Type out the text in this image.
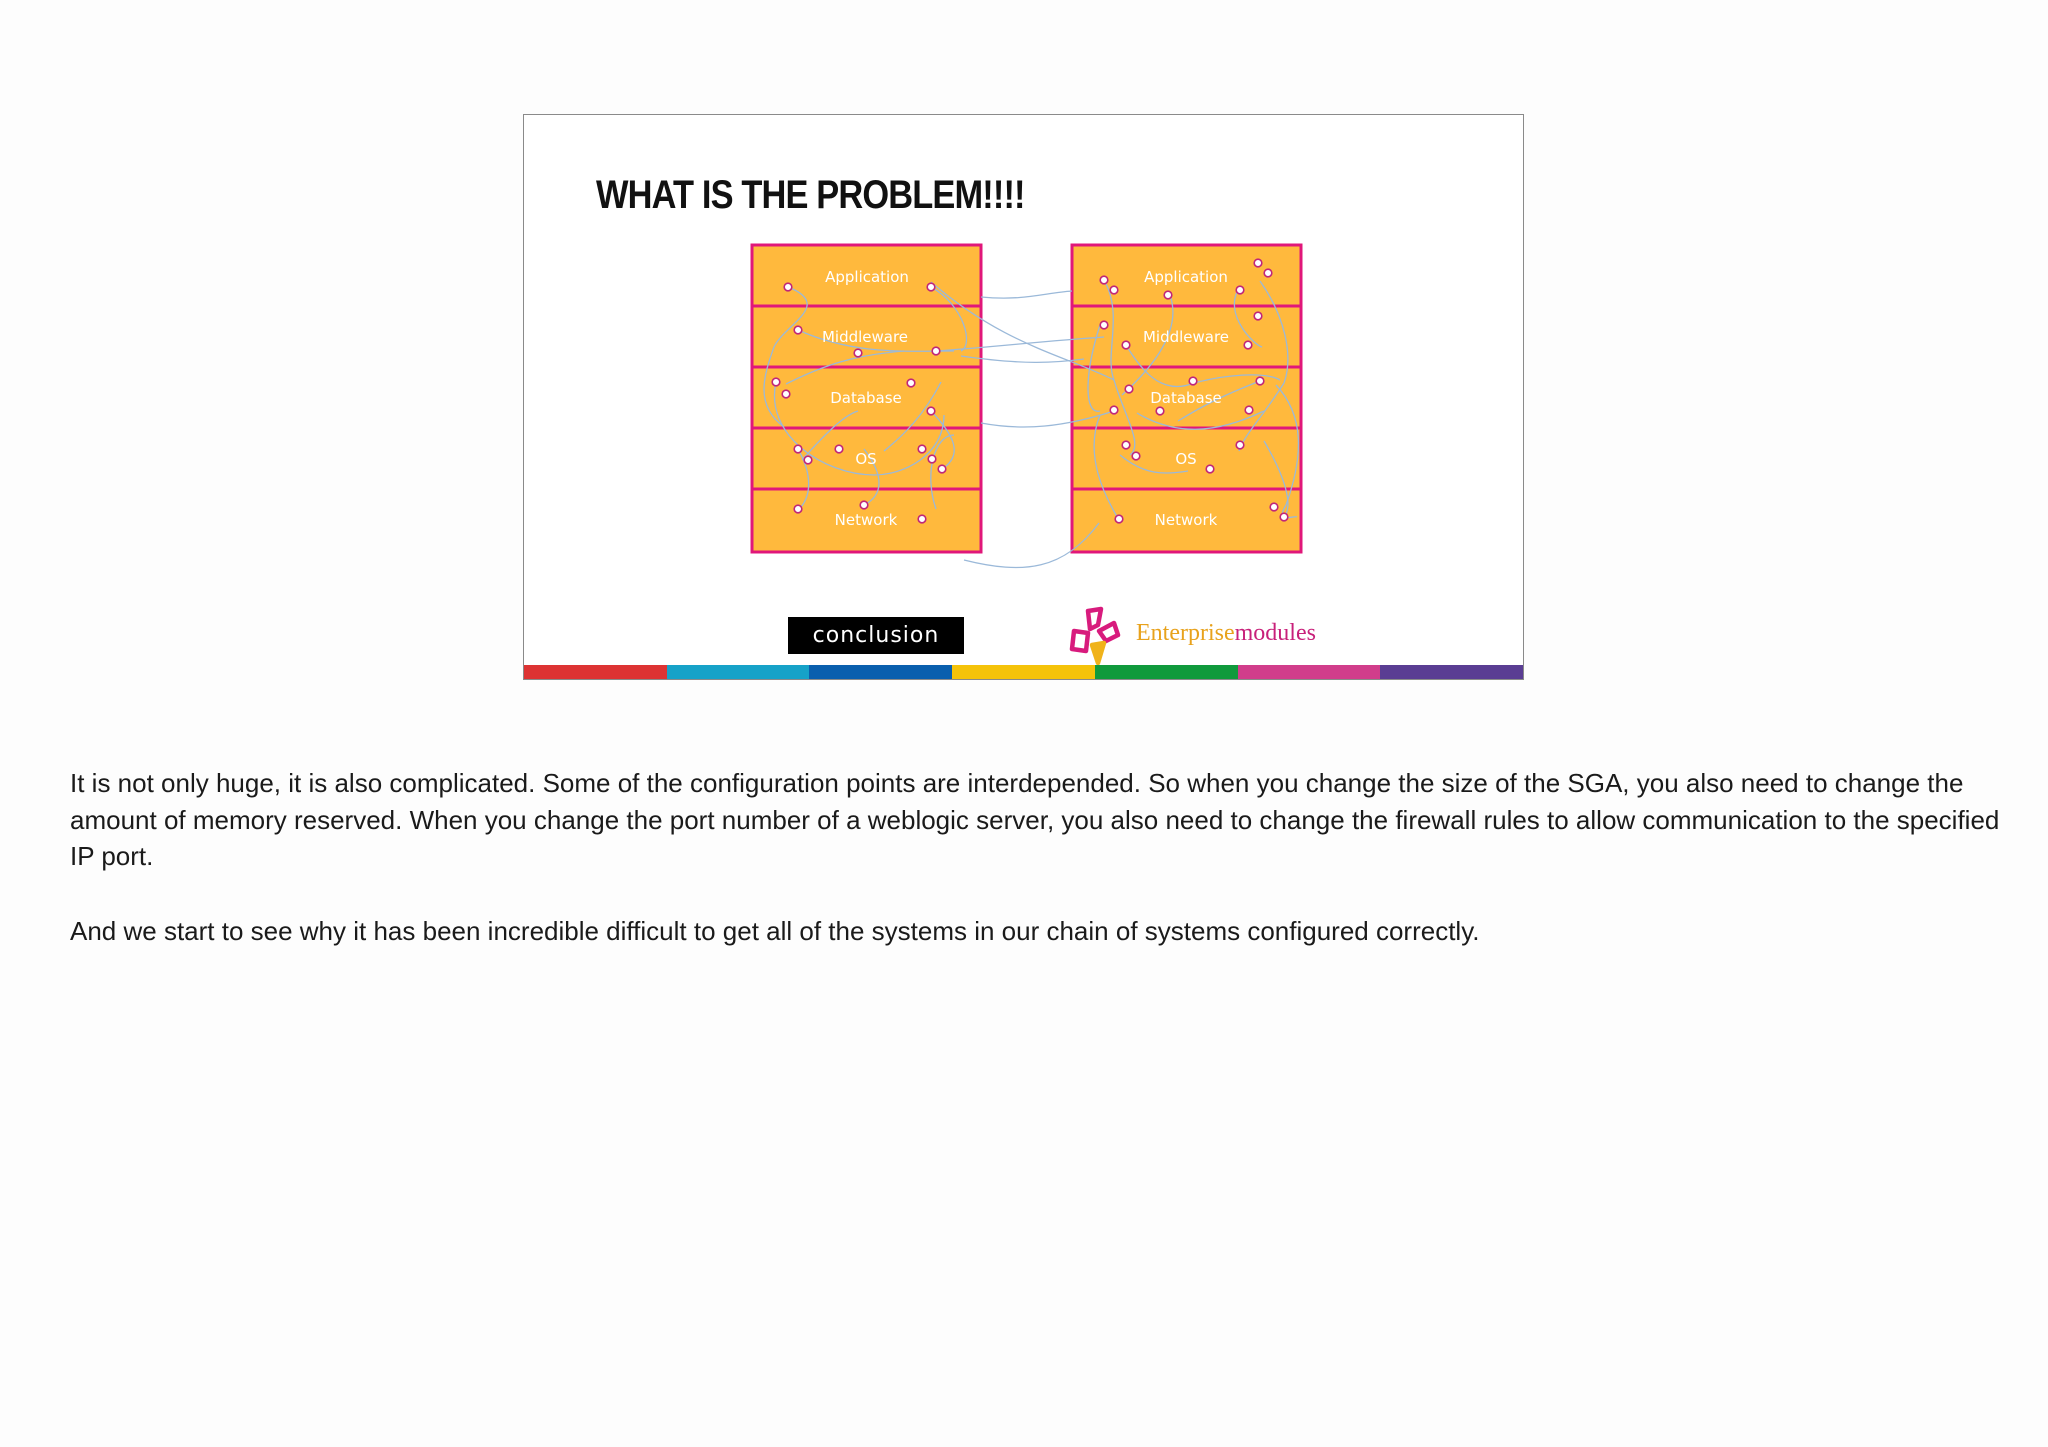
WHAT IS THE PROBLEM!!!!
Application
Middleware
Database
OS
Network
Application
Middleware
Database
OS
Network
conclusion	Enterprisemodules

It is not only huge, it is also complicated. Some of the configuration points are interdepended. So when you change the size of the SGA, you also need to change the amount of memory reserved. When you change the port number of a weblogic server, you also need to change the firewall rules to allow communication to the specified IP port.

And we start to see why it has been incredible difficult to get all of the systems in our chain of systems configured correctly.
